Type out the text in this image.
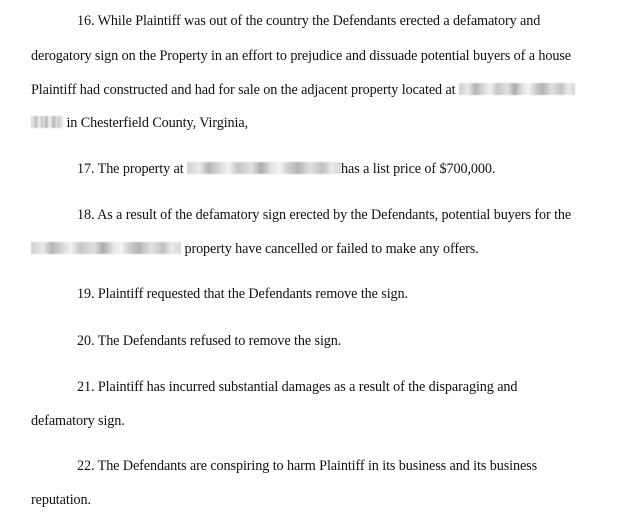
16. While Plaintiff was out of the country the Defendants erected a defamatory and
derogatory sign on the Property in an effort to prejudice and dissuade potential buyers of a house
Plaintiff had constructed and had for sale on the adjacent property located at
in Chesterfield County, Virginia,
17. The property at	has a list price of $700,000.
18. As a result of the defamatory sign erected by the Defendants, potential buyers for the
property have cancelled or failed to make any offers.
19. Plaintiff requested that the Defendants remove the sign.
20. The Defendants refused to remove the sign.
21. Plaintiff has incurred substantial damages as a result of the disparaging and
defamatory sign.
22. The Defendants are conspiring to harm Plaintiff in its business and its business
reputation.
